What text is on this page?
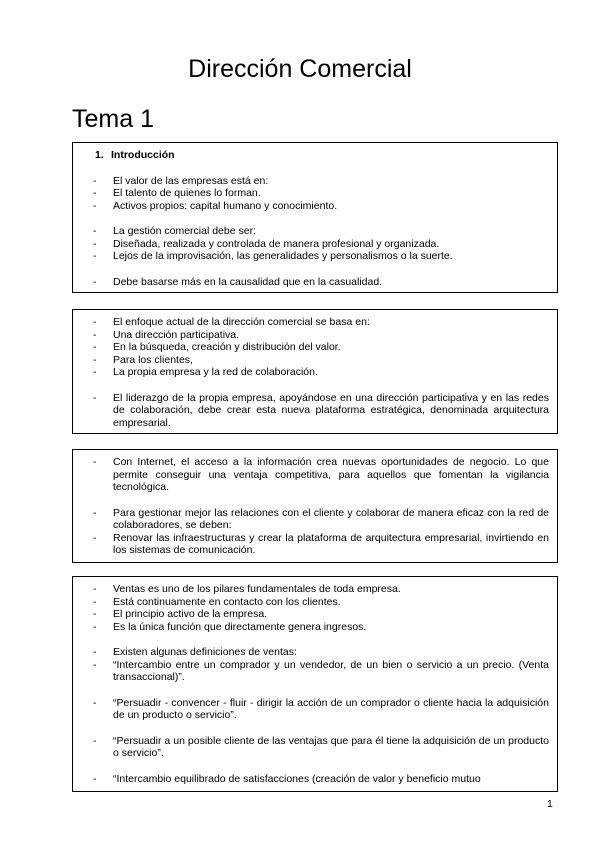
Dirección Comercial
Tema 1

1. Introducción

- El valor de las empresas está en:

- El talento de quienes lo forman.

- Activos propios: capital humano y conocimiento.

- La gestión comercial debe ser:

- Diseñada, realizada y controlada de manera profesional y organizada.

- Lejos de la improvisación, las generalidades y personalismos o la suerte.

- Debe basarse más en la causalidad que en la casualidad.

- El enfoque actual de la dirección comercial se basa en:

- Una dirección participativa.

- En la búsqueda, creación y distribución del valor.

- Para los clientes,

- La propia empresa y la red de colaboración.

- El liderazgo de la propia empresa, apoyándose en una dirección participativa y en las redes de colaboración, debe crear esta nueva plataforma estratégica, denominada arquitectura empresarial.

- Con Internet, el acceso a la información crea nuevas oportunidades de negocio. Lo que permite conseguir una ventaja competitiva, para aquellos que fomentan la vigilancia tecnológica.

- Para gestionar mejor las relaciones con el cliente y colaborar de manera eficaz con la red de colaboradores, se deben:

- Renovar las infraestructuras y crear la plataforma de arquitectura empresarial, invirtiendo en los sistemas de comunicación.

- Ventas es uno de los pilares fundamentales de toda empresa.

- Está continuamente en contacto con los clientes.

- El principio activo de la empresa.

- Es la única función que directamente genera ingresos.

- Existen algunas definiciones de ventas:

- “Intercambio entre un comprador y un vendedor, de un bien o servicio a un precio. (Venta transaccional)”.

- “Persuadir - convencer - fluir - dirigir la acción de un comprador o cliente hacia la adquisición de un producto o servicio”.

- “Persuadir a un posible cliente de las ventajas que para él tiene la adquisición de un producto o servicio”.

- “Intercambio equilibrado de satisfacciones (creación de valor y beneficio mutuo

1
